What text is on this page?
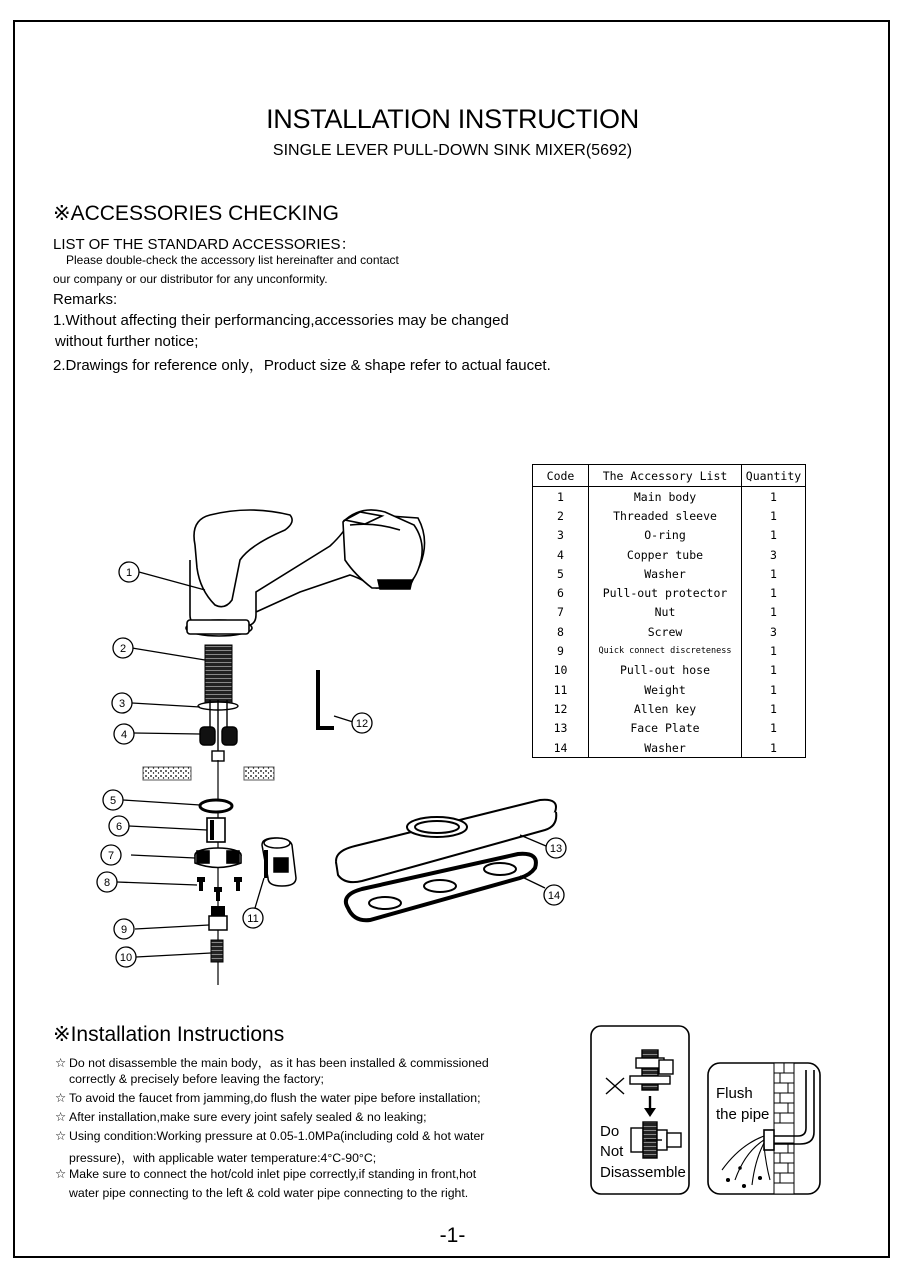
INSTALLATION INSTRUCTION
SINGLE LEVER PULL-DOWN SINK MIXER(5692)
※ACCESSORIES CHECKING
LIST OF THE STANDARD ACCESSORIES：
Please double-check the accessory list hereinafter and contact
our company or our distributor for any unconformity.
Remarks:
1.Without affecting their performancing,accessories may be changed
without further notice;
2.Drawings for reference only，Product size & shape refer to actual faucet.
Code	The Accessory List	Quantity
1	Main body	1
2	Threaded sleeve	1
3	O-ring	1
4	Copper tube	3
5	Washer	1
6	Pull-out protector	1
7	Nut	1
8	Screw	3
9	Quick connect discreteness	1
10	Pull-out hose	1
11	Weight	1
12	Allen key	1
13	Face Plate	1
14	Washer	1
1
2
3
4
5
6
7
8
9
10
11
12
13
14
Do
Not
Disassemble
Flush
the pipe
※Installation Instructions
☆ Do not disassemble the main body，as it has been installed & commissioned
correctly & precisely before leaving the factory;
☆ To avoid the faucet from jamming,do flush the water pipe before installation;
☆ After installation,make sure every joint safely sealed & no leaking;
☆ Using condition:Working pressure at 0.05-1.0MPa(including cold & hot water
pressure)，with applicable water temperature:4°C-90°C;
☆ Make sure to connect the hot/cold inlet pipe correctly,if standing in front,hot
water pipe connecting to the left & cold water pipe connecting to the right.
-1-
